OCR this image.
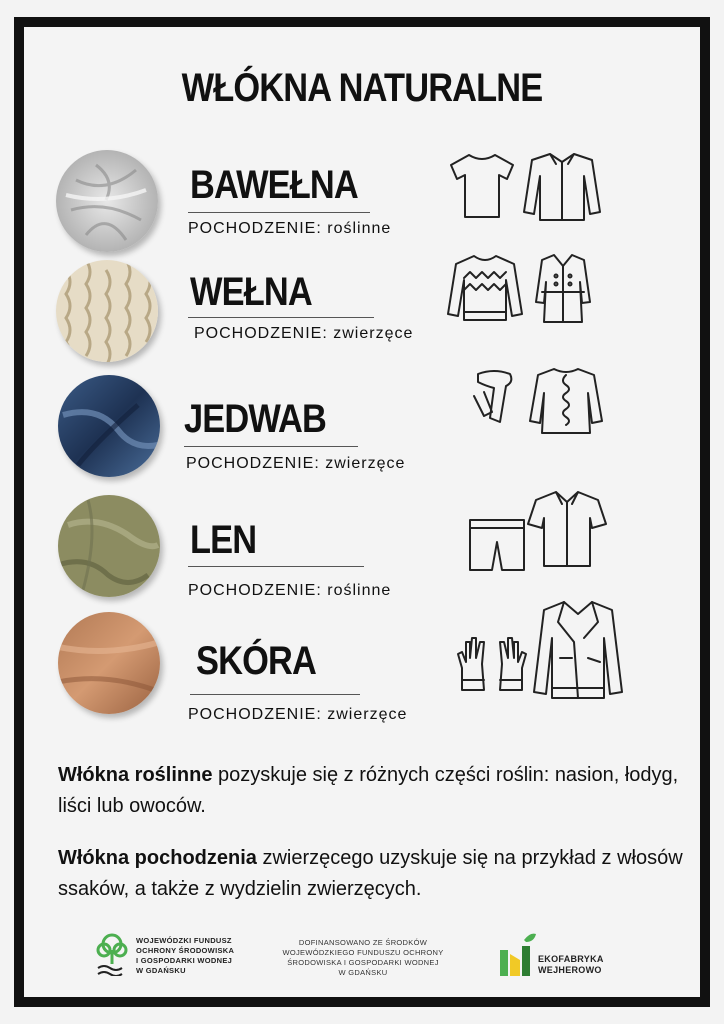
WŁÓKNA NATURALNE
BAWEŁNA
POCHODZENIE: roślinne
WEŁNA
POCHODZENIE: zwierzęce
JEDWAB
POCHODZENIE: zwierzęce
LEN
POCHODZENIE: roślinne
SKÓRA
POCHODZENIE: zwierzęce
Włókna roślinne pozyskuje się z różnych części roślin: nasion, łodyg, liści lub owoców.
Włókna pochodzenia zwierzęcego uzyskuje się na przykład z włosów ssaków, a także z wydzielin zwierzęcych.
WOJEWÓDZKI FUNDUSZ
OCHRONY ŚRODOWISKA
I GOSPODARKI WODNEJ
W GDAŃSKU
DOFINANSOWANO ZE ŚRODKÓW
WOJEWÓDZKIEGO FUNDUSZU OCHRONY
ŚRODOWISKA I GOSPODARKI WODNEJ
W GDAŃSKU
EKOFABRYKA
WEJHEROWO
